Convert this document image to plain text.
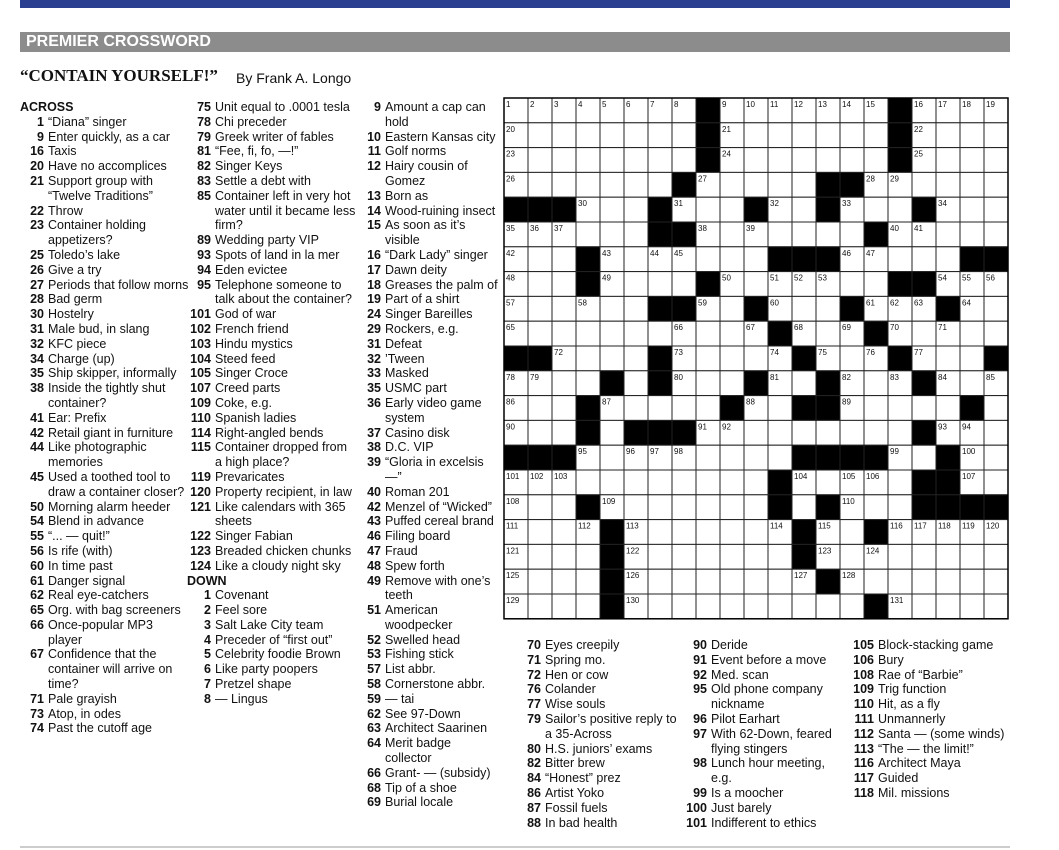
PREMIER CROSSWORD
“CONTAIN YOURSELF!” By Frank A. Longo
ACROSS
1 “Diana” singer
9 Enter quickly, as a car
16 Taxis
20 Have no accomplices
21 Support group with “Twelve Traditions”
22 Throw
23 Container holding appetizers?
25 Toledo’s lake
26 Give a try
27 Periods that follow morns
28 Bad germ
30 Hostelry
31 Male bud, in slang
32 KFC piece
34 Charge (up)
35 Ship skipper, informally
38 Inside the tightly shut container?
41 Ear: Prefix
42 Retail giant in furniture
44 Like photographic memories
45 Used a toothed tool to draw a container closer?
50 Morning alarm heeder
54 Blend in advance
55 “... — quit!”
56 Is rife (with)
60 In time past
61 Danger signal
62 Real eye-catchers
65 Org. with bag screeners
66 Once-popular MP3 player
67 Confidence that the container will arrive on time?
71 Pale grayish
73 Atop, in odes
74 Past the cutoff age
75 Unit equal to .0001 tesla
78 Chi preceder
79 Greek writer of fables
81 “Fee, fi, fo, —!”
82 Singer Keys
83 Settle a debt with
85 Container left in very hot water until it became less firm?
89 Wedding party VIP
93 Spots of land in la mer
94 Eden evictee
95 Telephone someone to talk about the container?
101 God of war
102 French friend
103 Hindu mystics
104 Steed feed
105 Singer Croce
107 Creed parts
109 Coke, e.g.
110 Spanish ladies
114 Right-angled bends
115 Container dropped from a high place?
119 Prevaricates
120 Property recipient, in law
121 Like calendars with 365 sheets
122 Singer Fabian
123 Breaded chicken chunks
124 Like a cloudy night sky
DOWN
1 Covenant
2 Feel sore
3 Salt Lake City team
4 Preceder of “first out”
5 Celebrity foodie Brown
6 Like party poopers
7 Pretzel shape
8 — Lingus
9 Amount a cap can hold
10 Eastern Kansas city
11 Golf norms
12 Hairy cousin of Gomez
13 Born as
14 Wood-ruining insect
15 As soon as it’s visible
16 “Dark Lady” singer
17 Dawn deity
18 Greases the palm of
19 Part of a shirt
24 Singer Bareilles
29 Rockers, e.g.
31 Defeat
32 ’Tween
33 Masked
35 USMC part
36 Early video game system
37 Casino disk
38 D.C. VIP
39 “Gloria in excelsis —”
40 Roman 201
42 Menzel of “Wicked”
43 Puffed cereal brand
46 Filing board
47 Fraud
48 Spew forth
49 Remove with one’s teeth
51 American woodpecker
52 Swelled head
53 Fishing stick
57 List abbr.
58 Cornerstone abbr.
59 — tai
62 See 97-Down
63 Architect Saarinen
64 Merit badge collector
66 Grant- — (subsidy)
68 Tip of a shoe
69 Burial locale
70 Eyes creepily
71 Spring mo.
72 Hen or cow
76 Colander
77 Wise souls
79 Sailor’s positive reply to a 35-Across
80 H.S. juniors’ exams
82 Bitter brew
84 “Honest” prez
86 Artist Yoko
87 Fossil fuels
88 In bad health
90 Deride
91 Event before a move
92 Med. scan
95 Old phone company nickname
96 Pilot Earhart
97 With 62-Down, feared flying stingers
98 Lunch hour meeting, e.g.
99 Is a moocher
100 Just barely
101 Indifferent to ethics
105 Block-stacking game
106 Bury
108 Rae of “Barbie”
109 Trig function
110 Hit, as a fly
111 Unmannerly
112 Santa — (some winds)
113 “The — the limit!”
116 Architect Maya
117 Guided
118 Mil. missions
1 2 3 4 5 6 7 8	9 10 11 12 13 14 15	16 17 18 19
20	21	22
23	24	25
26	27	28 29
30	31	32	33	34
35 36 37	38	39	40 41
42	43	44 45	46 47
48	49	50	51 52 53	54 55 56
57	58	59	60	61 62 63	64
65	66	67	68	69	70	71
72	73	74	75	76	77
78 79	80	81	82	83	84	85
86	87	88	89
90	91 92	93 94
95	96 97 98	99	100
101 102 103	104	105 106	107
108	109	110
111	112	113	114	115	116 117 118 119 120
121	122	123	124
125	126	127	128
129	130	131
